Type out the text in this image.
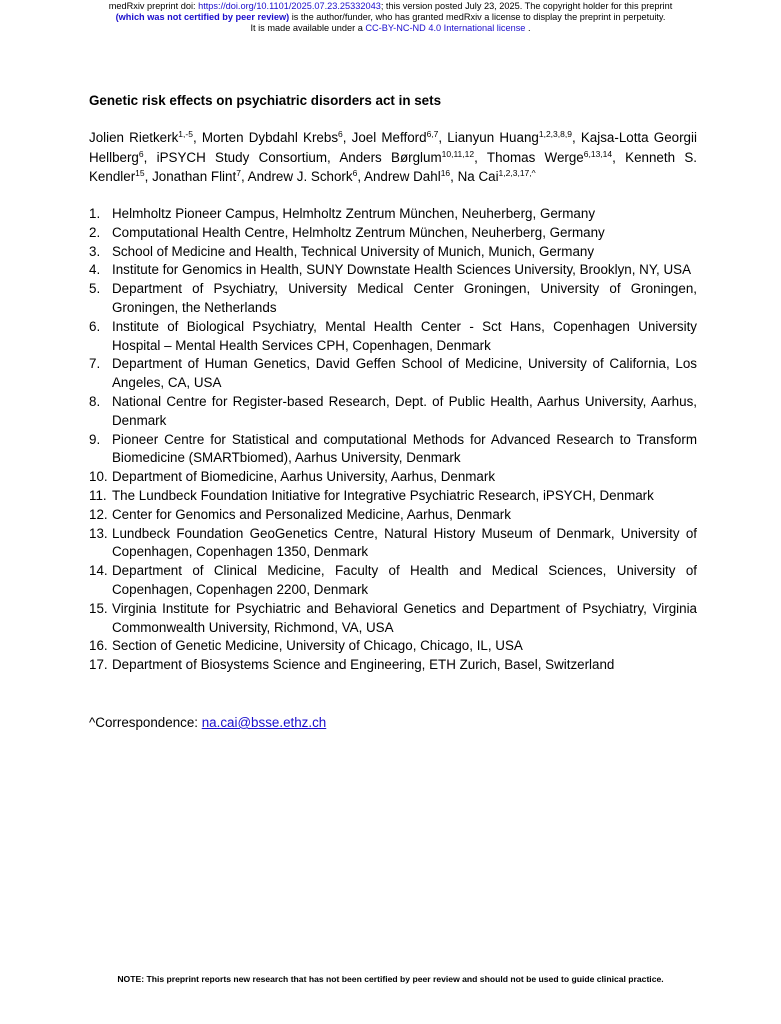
medRxiv preprint doi: https://doi.org/10.1101/2025.07.23.25332043; this version posted July 23, 2025. The copyright holder for this preprint
(which was not certified by peer review) is the author/funder, who has granted medRxiv a license to display the preprint in perpetuity.
It is made available under a CC-BY-NC-ND 4.0 International license .
Genetic risk effects on psychiatric disorders act in sets

Jolien Rietkerk$^{1,-5}$, Morten Dybdahl Krebs$^6$, Joel Mefford$^{6,7}$, Lianyun Huang$^{1,2,3,8,9}$, Kajsa-Lotta Georgii Hellberg$^6$, iPSYCH Study Consortium, Anders Børglum$^{10,11,12}$, Thomas Werge$^{6,13,14}$, Kenneth S. Kendler$^{15}$, Jonathan Flint$^7$, Andrew J. Schork$^6$, Andrew Dahl$^{16}$, Na Cai$^{1,2,3,17,\^{}}$

1. Helmholtz Pioneer Campus, Helmholtz Zentrum München, Neuherberg, Germany
2. Computational Health Centre, Helmholtz Zentrum München, Neuherberg, Germany
3. School of Medicine and Health, Technical University of Munich, Munich, Germany
4. Institute for Genomics in Health, SUNY Downstate Health Sciences University, Brooklyn, NY, USA
5. Department of Psychiatry, University Medical Center Groningen, University of Groningen, Groningen, the Netherlands
6. Institute of Biological Psychiatry, Mental Health Center - Sct Hans, Copenhagen University Hospital – Mental Health Services CPH, Copenhagen, Denmark
7. Department of Human Genetics, David Geffen School of Medicine, University of California, Los Angeles, CA, USA
8. National Centre for Register-based Research, Dept. of Public Health, Aarhus University, Aarhus, Denmark
9. Pioneer Centre for Statistical and computational Methods for Advanced Research to Transform Biomedicine (SMARTbiomed), Aarhus University, Denmark
10. Department of Biomedicine, Aarhus University, Aarhus, Denmark
11. The Lundbeck Foundation Initiative for Integrative Psychiatric Research, iPSYCH, Denmark
12. Center for Genomics and Personalized Medicine, Aarhus, Denmark
13. Lundbeck Foundation GeoGenetics Centre, Natural History Museum of Denmark, University of Copenhagen, Copenhagen 1350, Denmark
14. Department of Clinical Medicine, Faculty of Health and Medical Sciences, University of Copenhagen, Copenhagen 2200, Denmark
15. Virginia Institute for Psychiatric and Behavioral Genetics and Department of Psychiatry, Virginia Commonwealth University, Richmond, VA, USA
16. Section of Genetic Medicine, University of Chicago, Chicago, IL, USA
17. Department of Biosystems Science and Engineering, ETH Zurich, Basel, Switzerland

^Correspondence: na.cai@bsse.ethz.ch

NOTE: This preprint reports new research that has not been certified by peer review and should not be used to guide clinical practice.
